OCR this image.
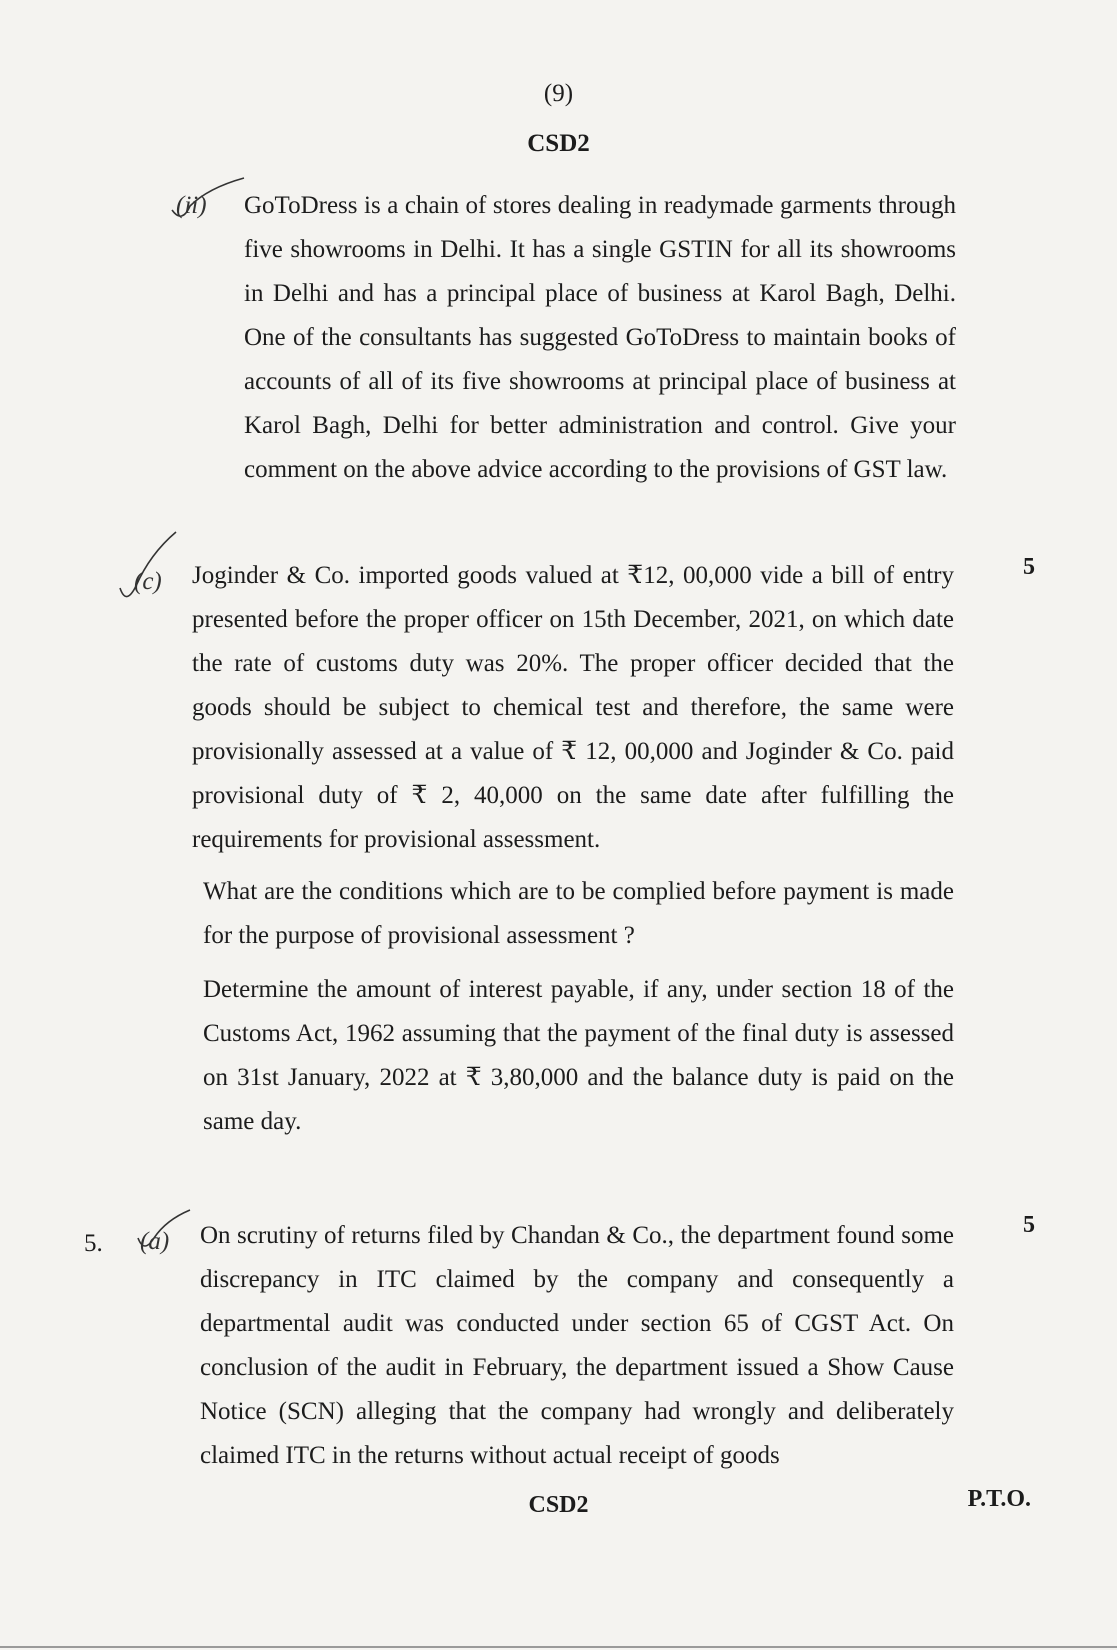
(9)
CSD2
(ii) GoToDress is a chain of stores dealing in readymade garments through five showrooms in Delhi. It has a single GSTIN for all its showrooms in Delhi and has a principal place of business at Karol Bagh, Delhi. One of the consultants has suggested GoToDress to maintain books of accounts of all of its five showrooms at principal place of business at Karol Bagh, Delhi for better administration and control. Give your comment on the above advice according to the provisions of GST law.

(c)
5

Joginder & Co. imported goods valued at ₹12, 00,000 vide a bill of entry presented before the proper officer on 15th December, 2021, on which date the rate of customs duty was 20%. The proper officer decided that the goods should be subject to chemical test and therefore, the same were provisionally assessed at a value of ₹ 12, 00,000 and Joginder & Co. paid provisional duty of ₹ 2, 40,000 on the same date after fulfilling the requirements for provisional assessment.

What are the conditions which are to be complied before payment is made for the purpose of provisional assessment ?

Determine the amount of interest payable, if any, under section 18 of the Customs Act, 1962 assuming that the payment of the final duty is assessed on 31st January, 2022 at ₹ 3,80,000 and the balance duty is paid on the same day.

5. (a)
5

On scrutiny of returns filed by Chandan & Co., the department found some discrepancy in ITC claimed by the company and consequently a departmental audit was conducted under section 65 of CGST Act. On conclusion of the audit in February, the department issued a Show Cause Notice (SCN) alleging that the company had wrongly and deliberately claimed ITC in the returns without actual receipt of goods

CSD2	P.T.O.
